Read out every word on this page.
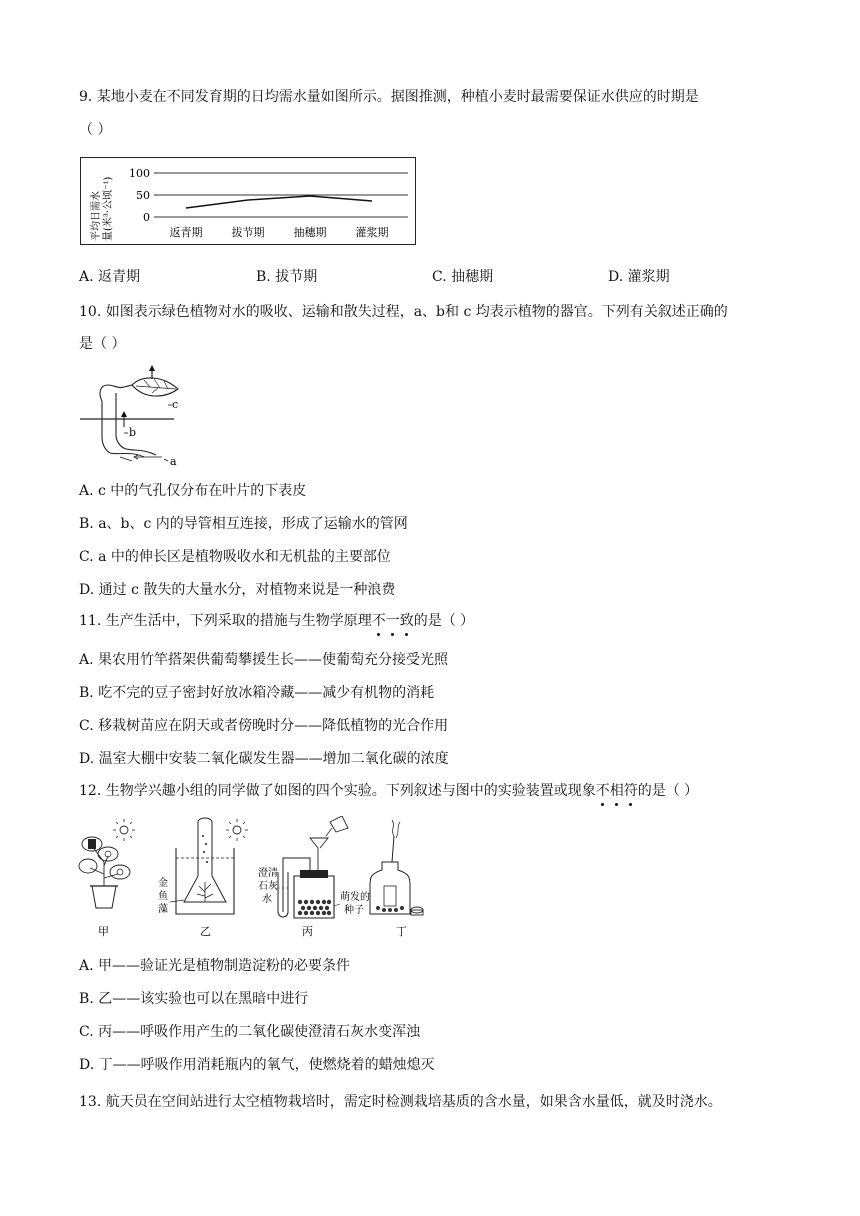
9. 某地小麦在不同发育期的日均需水量如图所示。据图推测，种植小麦时最需要保证水供应的时期是
（ ）
平均日需水 量(米³·公顷⁻¹)
100
50
0
返青期	拔节期	抽穗期	灌浆期
A. 返青期	B. 拔节期	C. 抽穗期	D. 灌浆期
10. 如图表示绿色植物对水的吸收、运输和散失过程，a、b和 c 均表示植物的器官。下列有关叙述正确的
是（ ）
c
b
a
A. c 中的气孔仅分布在叶片的下表皮
B. a、b、c 内的导管相互连接，形成了运输水的管网
C. a 中的伸长区是植物吸收水和无机盐的主要部位
D. 通过 c 散失的大量水分，对植物来说是一种浪费
11. 生产生活中，下列采取的措施与生物学原理不一致的是（ ）
A. 果农用竹竿搭架供葡萄攀援生长——使葡萄充分接受光照
B. 吃不完的豆子密封好放冰箱冷藏——减少有机物的消耗
C. 移栽树苗应在阴天或者傍晚时分——降低植物的光合作用
D. 温室大棚中安装二氧化碳发生器——增加二氧化碳的浓度
12. 生物学兴趣小组的同学做了如图的四个实验。下列叙述与图中的实验装置或现象不相符的是（ ）
甲
金
鱼
藻
乙
澄 清
石 灰
水
丙
萌发的
种子
丁
A. 甲——验证光是植物制造淀粉的必要条件
B. 乙——该实验也可以在黑暗中进行
C. 丙——呼吸作用产生的二氧化碳使澄清石灰水变浑浊
D. 丁——呼吸作用消耗瓶内的氧气，使燃烧着的蜡烛熄灭
13. 航天员在空间站进行太空植物栽培时，需定时检测栽培基质的含水量，如果含水量低，就及时浇水。
